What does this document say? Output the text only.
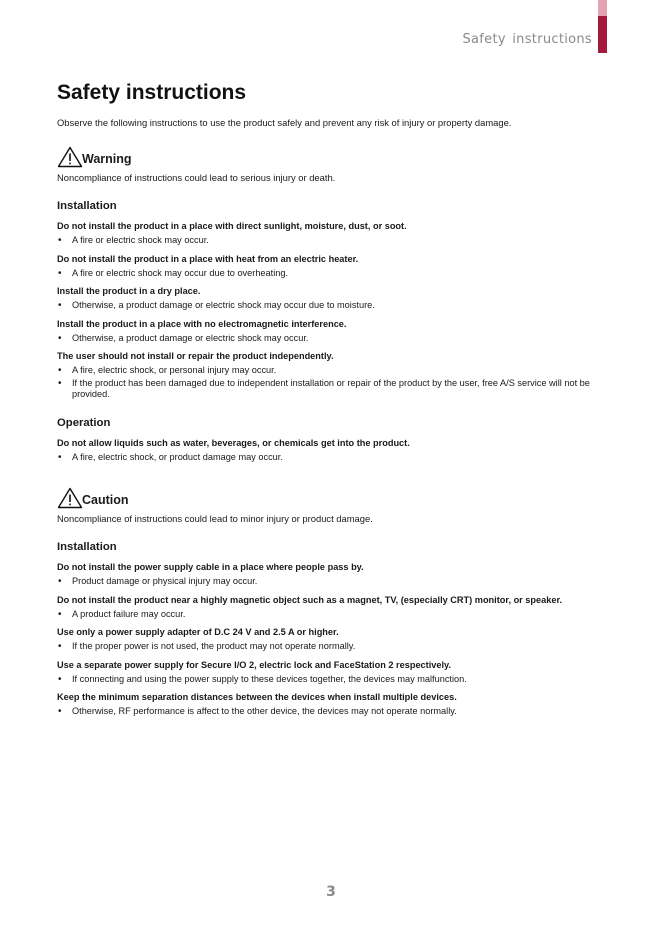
Safety instructions
Safety instructions

Observe the following instructions to use the product safely and prevent any risk of injury or property damage.

Warning
Noncompliance of instructions could lead to serious injury or death.
Installation
Do not install the product in a place with direct sunlight, moisture, dust, or soot.
• A fire or electric shock may occur.
Do not install the product in a place with heat from an electric heater.
• A fire or electric shock may occur due to overheating.
Install the product in a dry place.
• Otherwise, a product damage or electric shock may occur due to moisture.
Install the product in a place with no electromagnetic interference.
• Otherwise, a product damage or electric shock may occur.
The user should not install or repair the product independently.
• A fire, electric shock, or personal injury may occur.
• If the product has been damaged due to independent installation or repair of the product by the user, free A/S service will not be provided.
Operation
Do not allow liquids such as water, beverages, or chemicals get into the product.
• A fire, electric shock, or product damage may occur.
Caution
Noncompliance of instructions could lead to minor injury or product damage.
Installation
Do not install the power supply cable in a place where people pass by.
• Product damage or physical injury may occur.
Do not install the product near a highly magnetic object such as a magnet, TV, (especially CRT) monitor, or speaker.
• A product failure may occur.
Use only a power supply adapter of D.C 24 V and 2.5 A or higher.
• If the proper power is not used, the product may not operate normally.
Use a separate power supply for Secure I/O 2, electric lock and FaceStation 2 respectively.
• If connecting and using the power supply to these devices together, the devices may malfunction.
Keep the minimum separation distances between the devices when install multiple devices.
• Otherwise, RF performance is affect to the other device, the devices may not operate normally.
3
